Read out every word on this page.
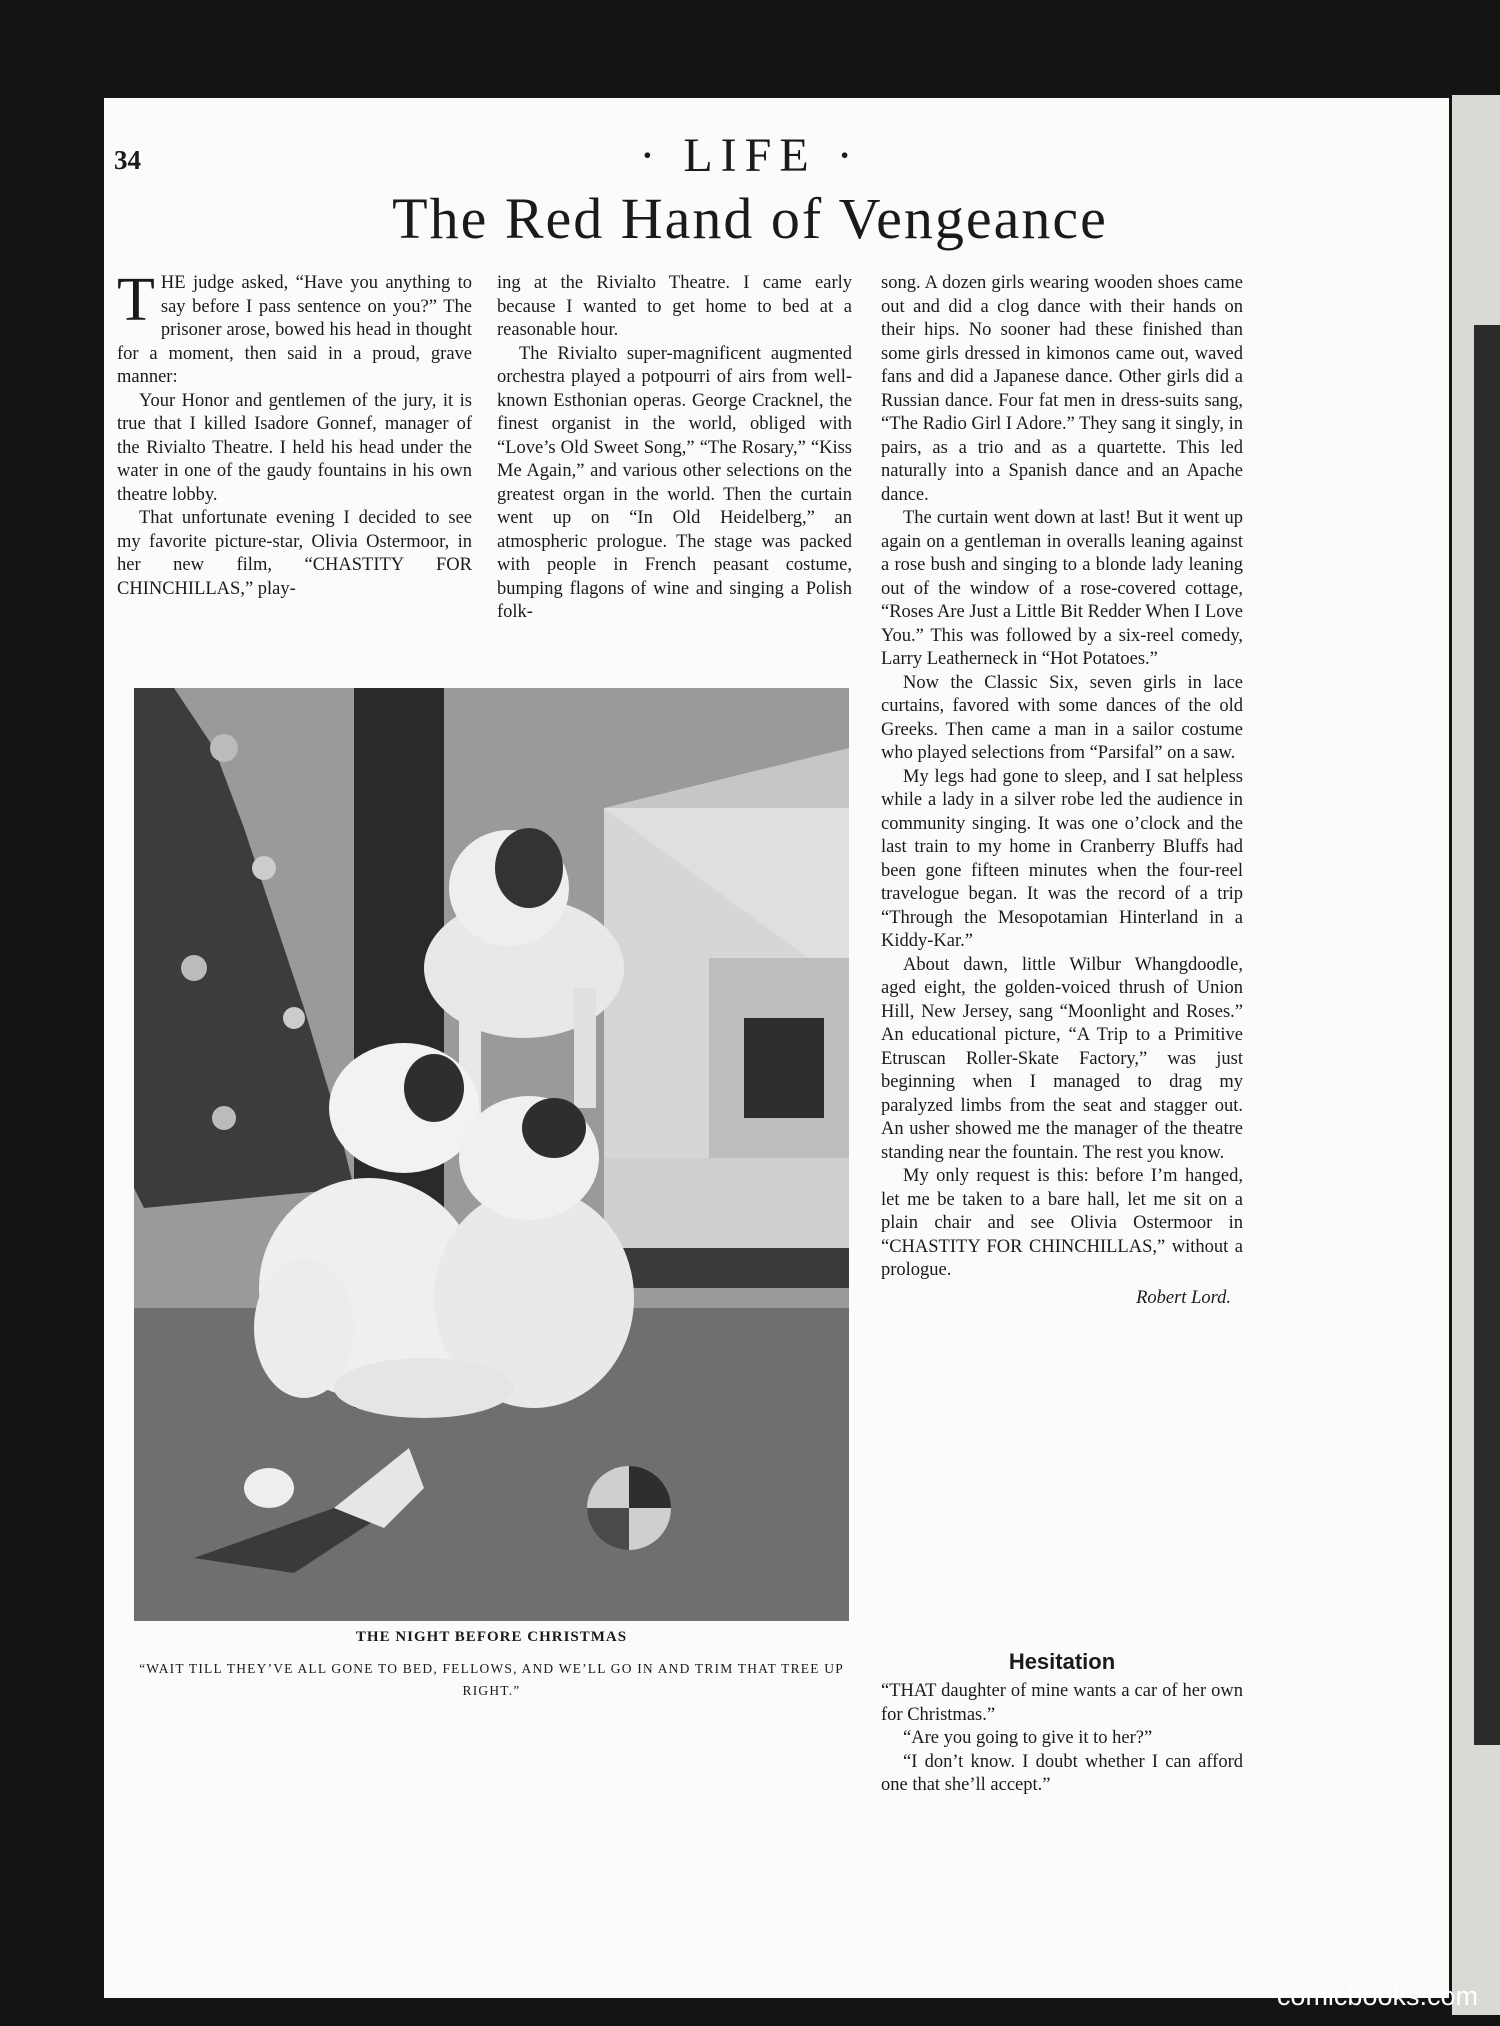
34	· LIFE ·
The Red Hand of Vengeance

THE judge asked, “Have you anything to say before I pass sentence on you?” The prisoner arose, bowed his head in thought for a moment, then said in a proud, grave manner:

Your Honor and gentlemen of the jury, it is true that I killed Isadore Gonnef, manager of the Rivialto Theatre. I held his head under the water in one of the gaudy fountains in his own theatre lobby.

That unfortunate evening I decided to see my favorite picture-star, Olivia Ostermoor, in her new film, “CHASTITY FOR CHINCHILLAS,” play-

ing at the Rivialto Theatre. I came early because I wanted to get home to bed at a reasonable hour.

The Rivialto super-magnificent augmented orchestra played a potpourri of airs from well-known Esthonian operas. George Cracknel, the finest organist in the world, obliged with “Love’s Old Sweet Song,” “The Rosary,” “Kiss Me Again,” and various other selections on the greatest organ in the world. Then the curtain went up on “In Old Heidelberg,” an atmospheric prologue. The stage was packed with people in French peasant costume, bumping flagons of wine and singing a Polish folk-

song. A dozen girls wearing wooden shoes came out and did a clog dance with their hands on their hips. No sooner had these finished than some girls dressed in kimonos came out, waved fans and did a Japanese dance. Other girls did a Russian dance. Four fat men in dress-suits sang, “The Radio Girl I Adore.” They sang it singly, in pairs, as a trio and as a quartette. This led naturally into a Spanish dance and an Apache dance.

The curtain went down at last! But it went up again on a gentleman in overalls leaning against a rose bush and singing to a blonde lady leaning out of the window of a rose-covered cottage, “Roses Are Just a Little Bit Redder When I Love You.” This was followed by a six-reel comedy, Larry Leatherneck in “Hot Potatoes.”

Now the Classic Six, seven girls in lace curtains, favored with some dances of the old Greeks. Then came a man in a sailor costume who played selections from “Parsifal” on a saw.

My legs had gone to sleep, and I sat helpless while a lady in a silver robe led the audience in community singing. It was one o’clock and the last train to my home in Cranberry Bluffs had been gone fifteen minutes when the four-reel travelogue began. It was the record of a trip “Through the Mesopotamian Hinterland in a Kiddy-Kar.”

About dawn, little Wilbur Whangdoodle, aged eight, the golden-voiced thrush of Union Hill, New Jersey, sang “Moonlight and Roses.” An educational picture, “A Trip to a Primitive Etruscan Roller-Skate Factory,” was just beginning when I managed to drag my paralyzed limbs from the seat and stagger out. An usher showed me the manager of the theatre standing near the fountain. The rest you know.

My only request is this: before I’m hanged, let me be taken to a bare hall, let me sit on a plain chair and see Olivia Ostermoor in “CHASTITY FOR CHINCHILLAS,” without a prologue.

Robert Lord.
THE NIGHT BEFORE CHRISTMAS
“WAIT TILL THEY’VE ALL GONE TO BED, FELLOWS, AND WE’LL GO IN AND TRIM THAT TREE UP RIGHT.”
Hesitation

“THAT daughter of mine wants a car of her own for Christmas.”

“Are you going to give it to her?”

“I don’t know. I doubt whether I can afford one that she’ll accept.”

comicbooks.com
